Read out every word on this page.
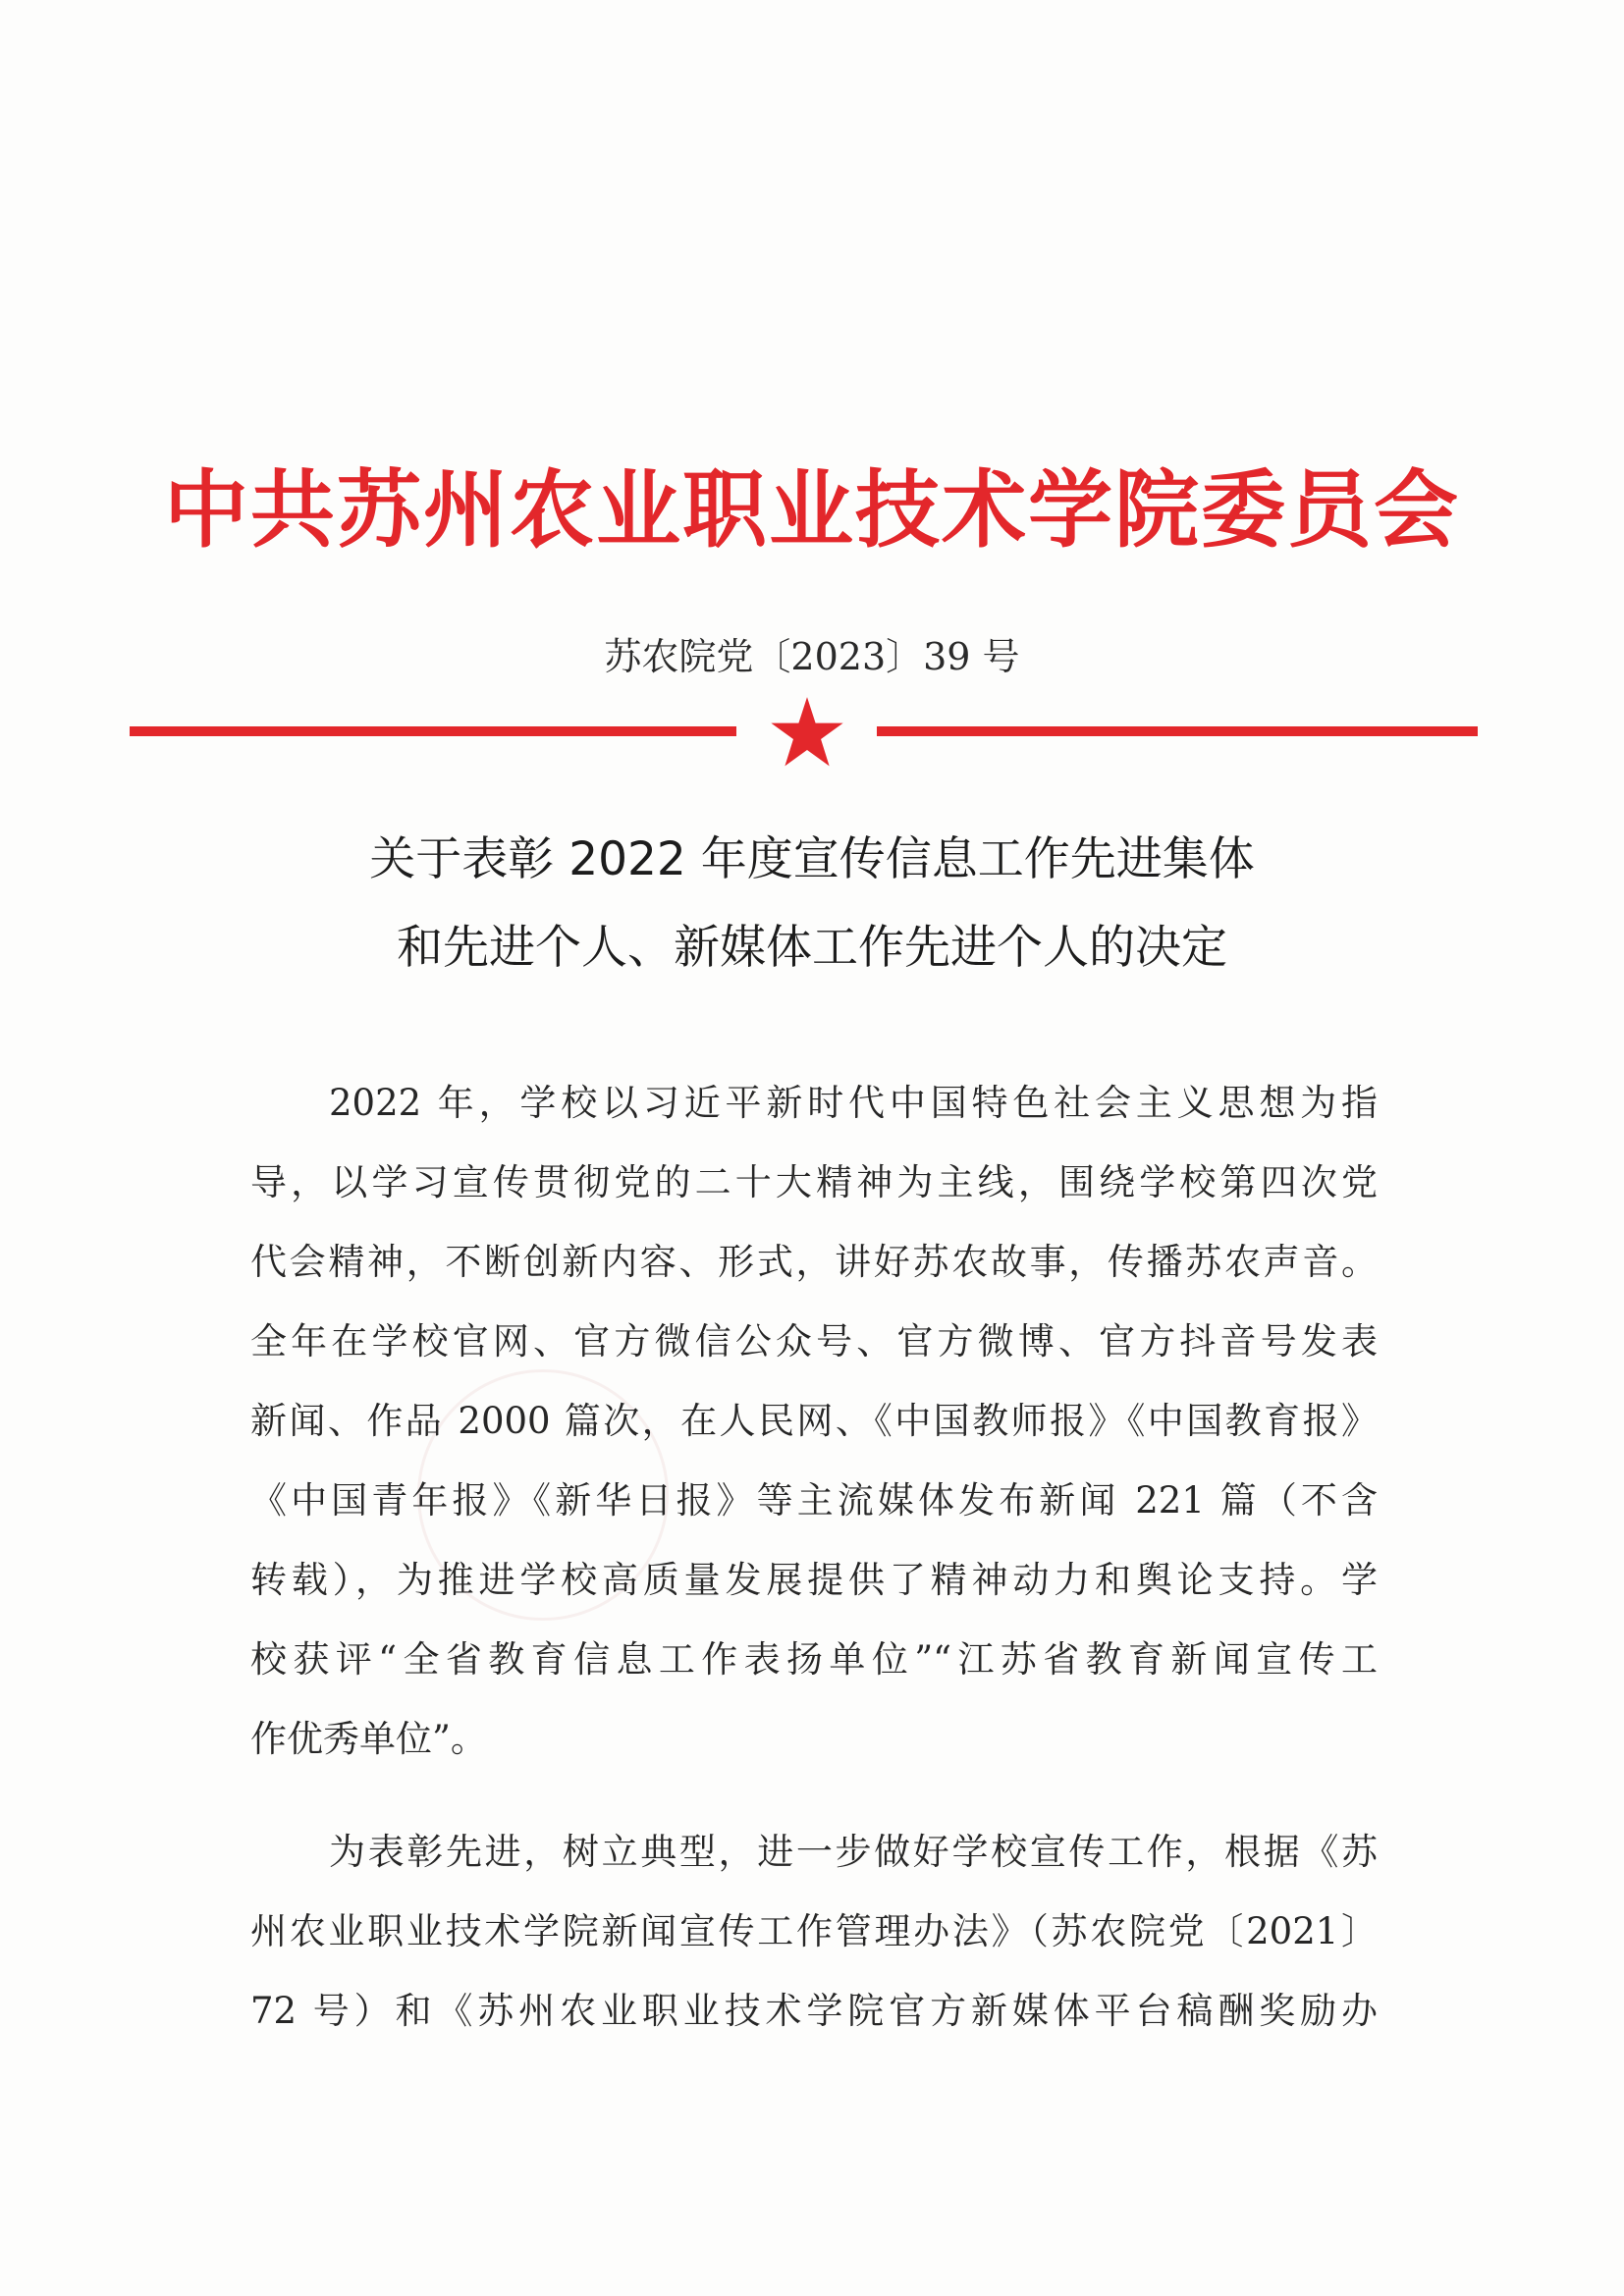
中共苏州农业职业技术学院委员会
苏农院党〔2023〕39 号
关于表彰 2022 年度宣传信息工作先进集体
和先进个人、新媒体工作先进个人的决定
2022 年，学校以习近平新时代中国特色社会主义思想为指
导，以学习宣传贯彻党的二十大精神为主线，围绕学校第四次党
代会精神，不断创新内容、形式，讲好苏农故事，传播苏农声音。
全年在学校官网、官方微信公众号、官方微博、官方抖音号发表
新闻、作品 2000 篇次，在人民网、《中国教师报》《中国教育报》
《中国青年报》《新华日报》等主流媒体发布新闻 221 篇（不含
转载），为推进学校高质量发展提供了精神动力和舆论支持。学
校获评“全省教育信息工作表扬单位”“江苏省教育新闻宣传工
作优秀单位”。
为表彰先进，树立典型，进一步做好学校宣传工作，根据《苏
州农业职业技术学院新闻宣传工作管理办法》（苏农院党〔2021〕
72 号）和《苏州农业职业技术学院官方新媒体平台稿酬奖励办
